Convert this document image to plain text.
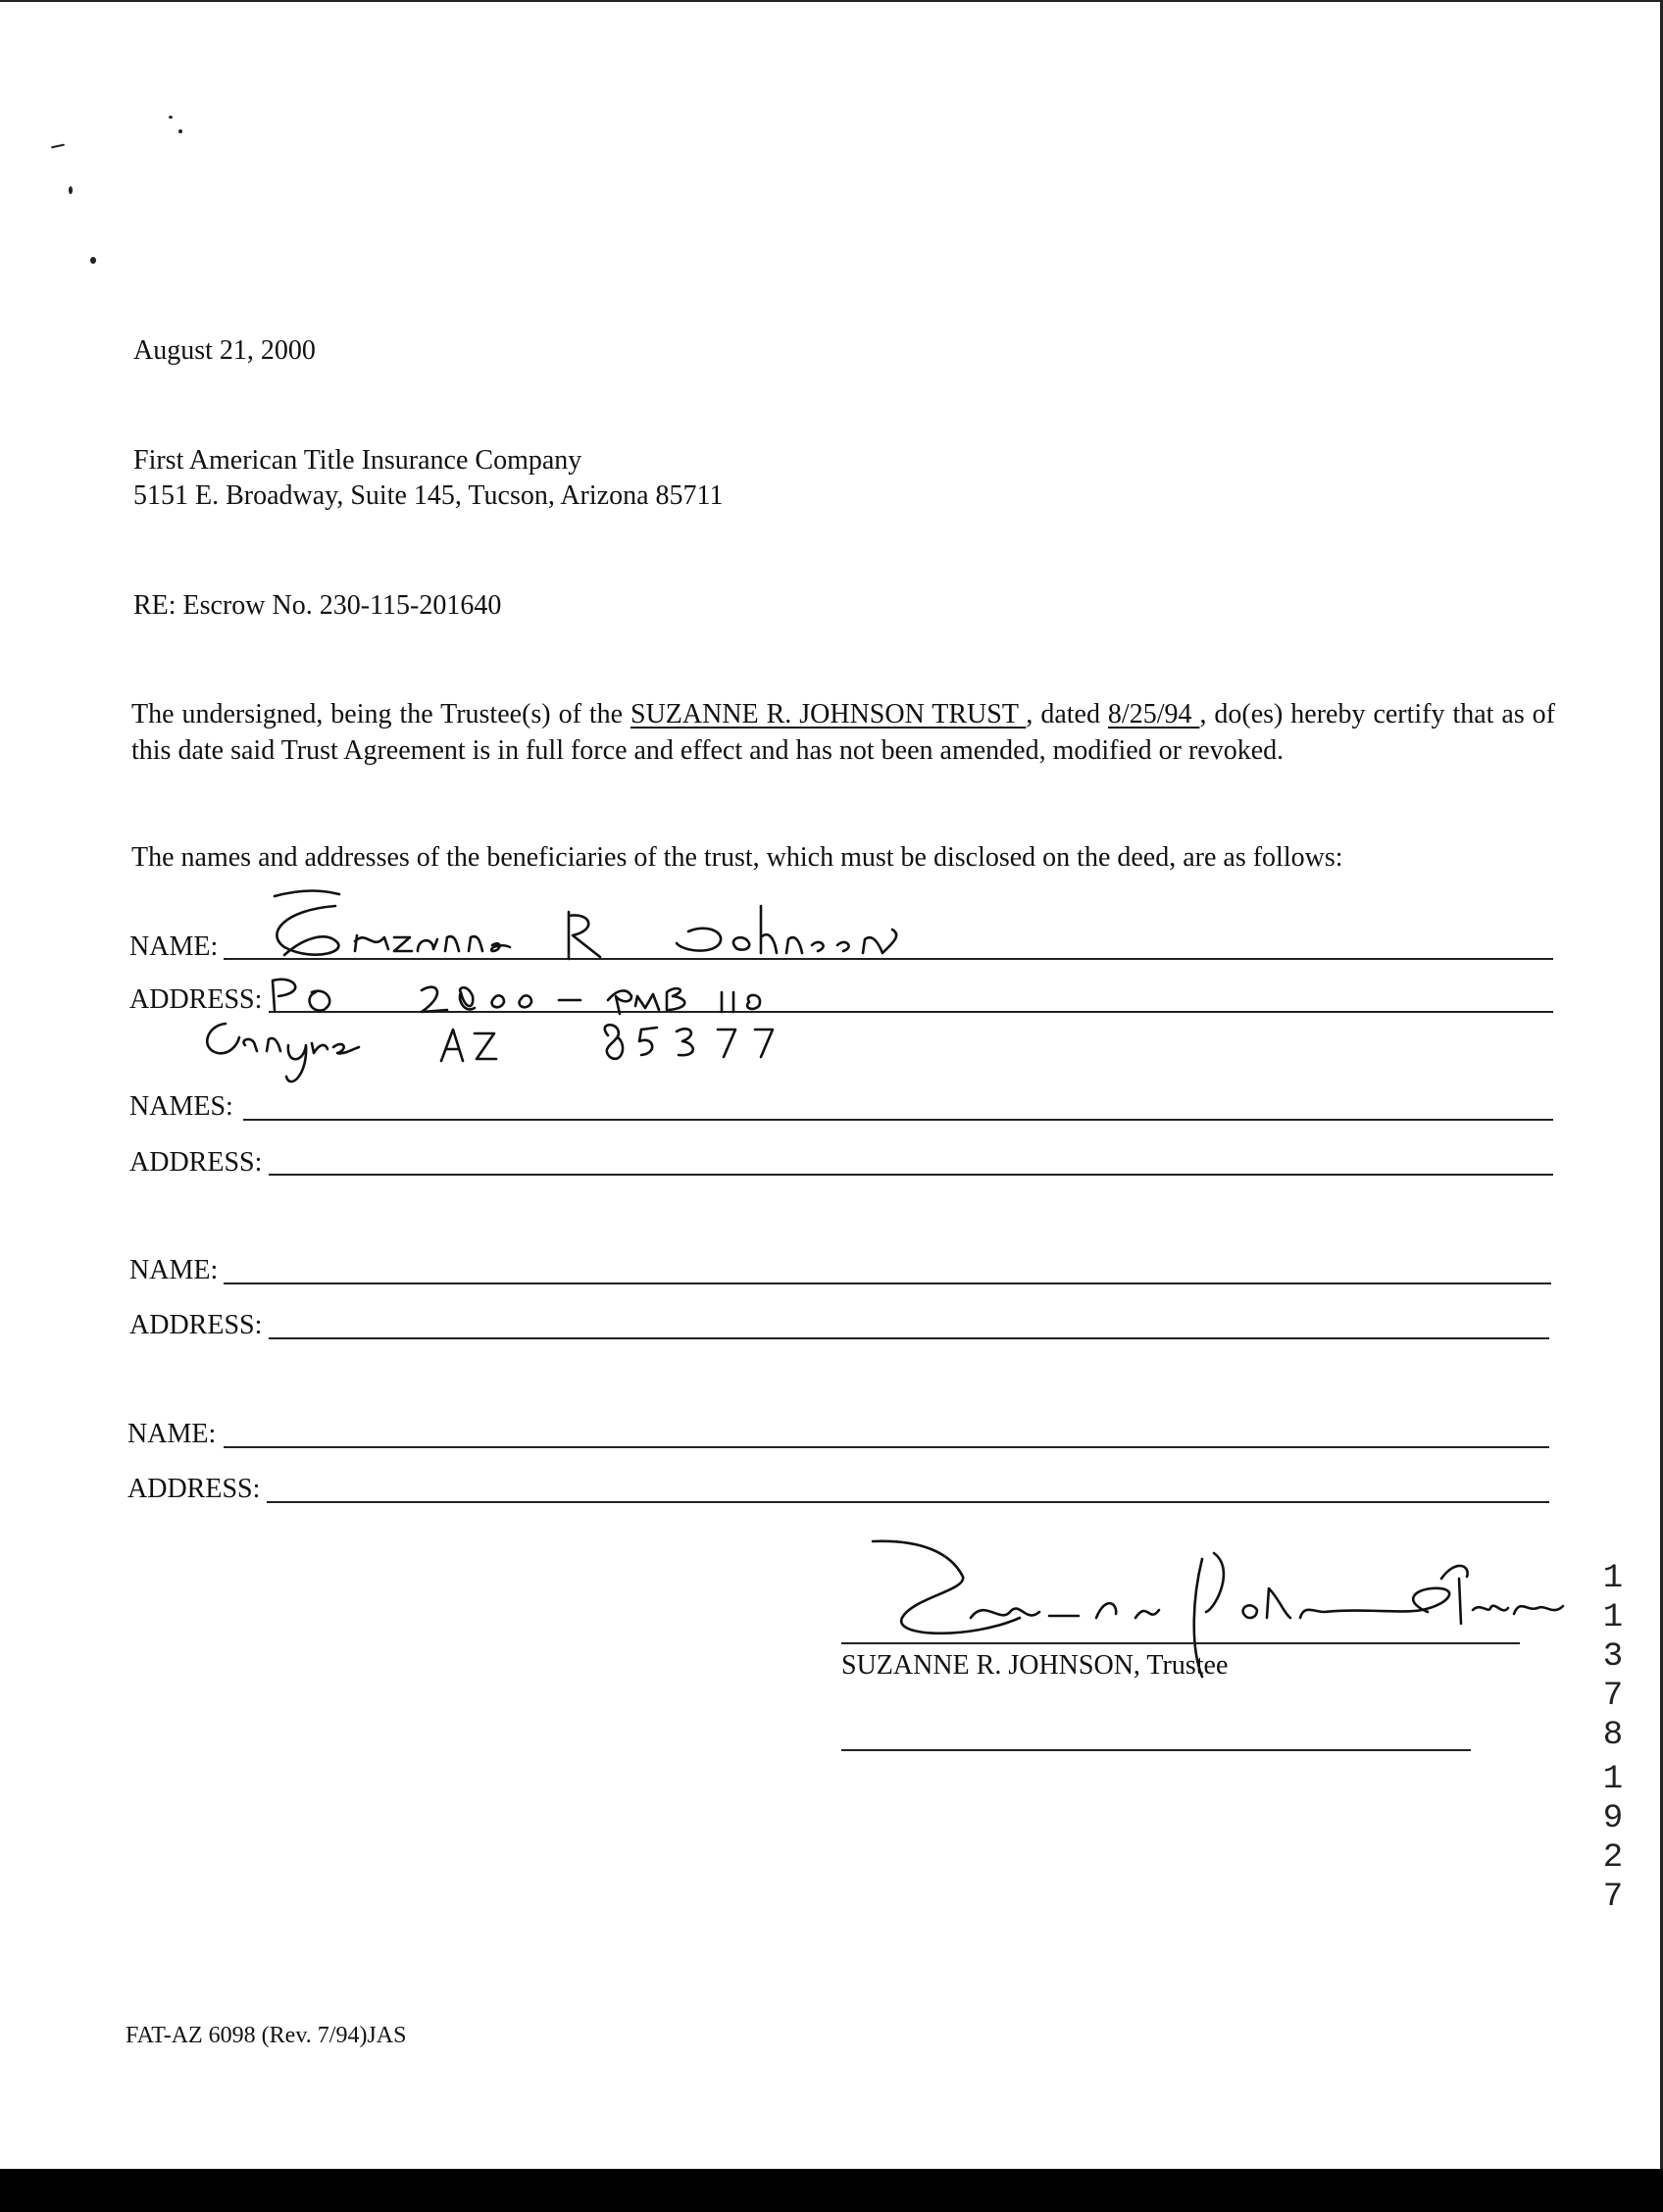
August 21, 2000
First American Title Insurance Company
5151 E. Broadway, Suite 145, Tucson, Arizona 85711
RE: Escrow No. 230-115-201640
The undersigned, being the Trustee(s) of the SUZANNE R. JOHNSON TRUST , dated 8/25/94 , do(es) hereby certify that as of this date said Trust Agreement is in full force and effect and has not been amended, modified or revoked.
The names and addresses of the beneficiaries of the trust, which must be disclosed on the deed, are as follows:
NAME:
ADDRESS:
NAMES:
ADDRESS:
NAME:
ADDRESS:
NAME:
ADDRESS:
SUZANNE R. JOHNSON, Trustee
1
1
3
7
8
1
9
2
7
FAT-AZ 6098 (Rev. 7/94)JAS
